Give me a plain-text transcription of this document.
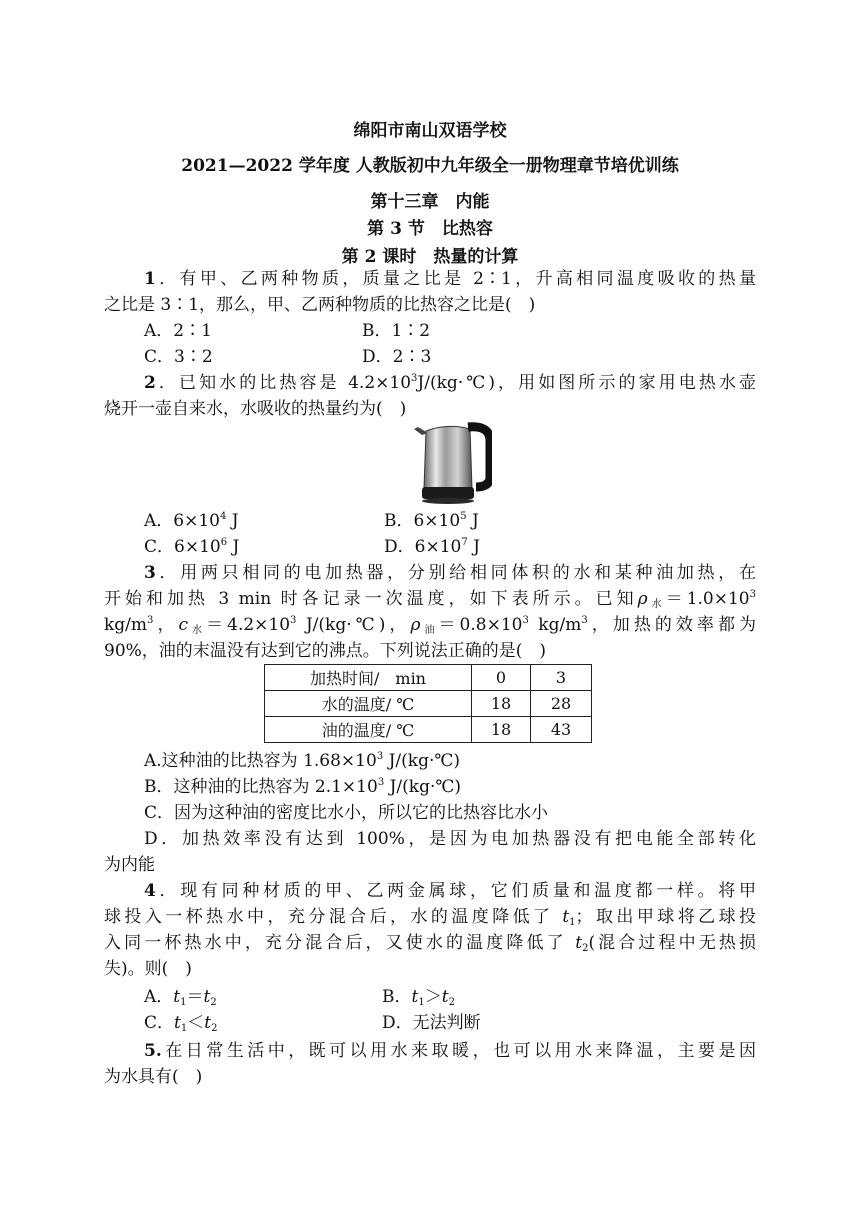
绵阳市南山双语学校
2021—2022 学年度 人教版初中九年级全一册物理章节培优训练
第十三章　内能
第 3 节　比热容
第 2 课时　热量的计算
1．有甲、乙两种物质，质量之比是 2∶1，升高相同温度吸收的热量
之比是 3∶1，那么，甲、乙两种物质的比热容之比是(　)
A．2∶1	B．1∶2
C．3∶2	D．2∶3
2．已知水的比热容是 $4.2\times 10^3J/(kg\cdot℃)$，用如图所示的家用电热水壶
烧开一壶自来水，水吸收的热量约为(　)
A．$6\times 10^4$ J	B．$6\times 10^5$ J
C．$6\times 10^6$ J	D．$6\times 10^7$ J
3．用两只相同的电加热器，分别给相同体积的水和某种油加热，在
开始和加热 3 min 时各记录一次温度，如下表所示。已知$\rho_水=1.0\times 10^3$
$kg/m^3$，$c_水=4.2\times 10^3$ J/(kg·℃)，$\rho_油=0.8\times 10^3$ $kg/m^3$，加热的效率都为
90%，油的末温没有达到它的沸点。下列说法正确的是(　)
加热时间/　min	0	3
水的温度/ ℃	18	28
油的温度/ ℃	18	43
A.这种油的比热容为 $1.68\times 10^3$ J/(kg·℃)
B．这种油的比热容为 $2.1\times 10^3$ J/(kg·℃)
C．因为这种油的密度比水小，所以它的比热容比水小
D．加热效率没有达到 100%，是因为电加热器没有把电能全部转化
为内能
4．现有同种材质的甲、乙两金属球，它们质量和温度都一样。将甲
球投入一杯热水中，充分混合后，水的温度降低了 $t_1$；取出甲球将乙球投
入同一杯热水中，充分混合后，又使水的温度降低了 $t_2$(混合过程中无热损
失)。则(　)
A．$t_1=t_2$	B．$t_1>t_2$
C．$t_1<t_2$	D．无法判断
5.在日常生活中，既可以用水来取暖，也可以用水来降温，主要是因
为水具有(　)
